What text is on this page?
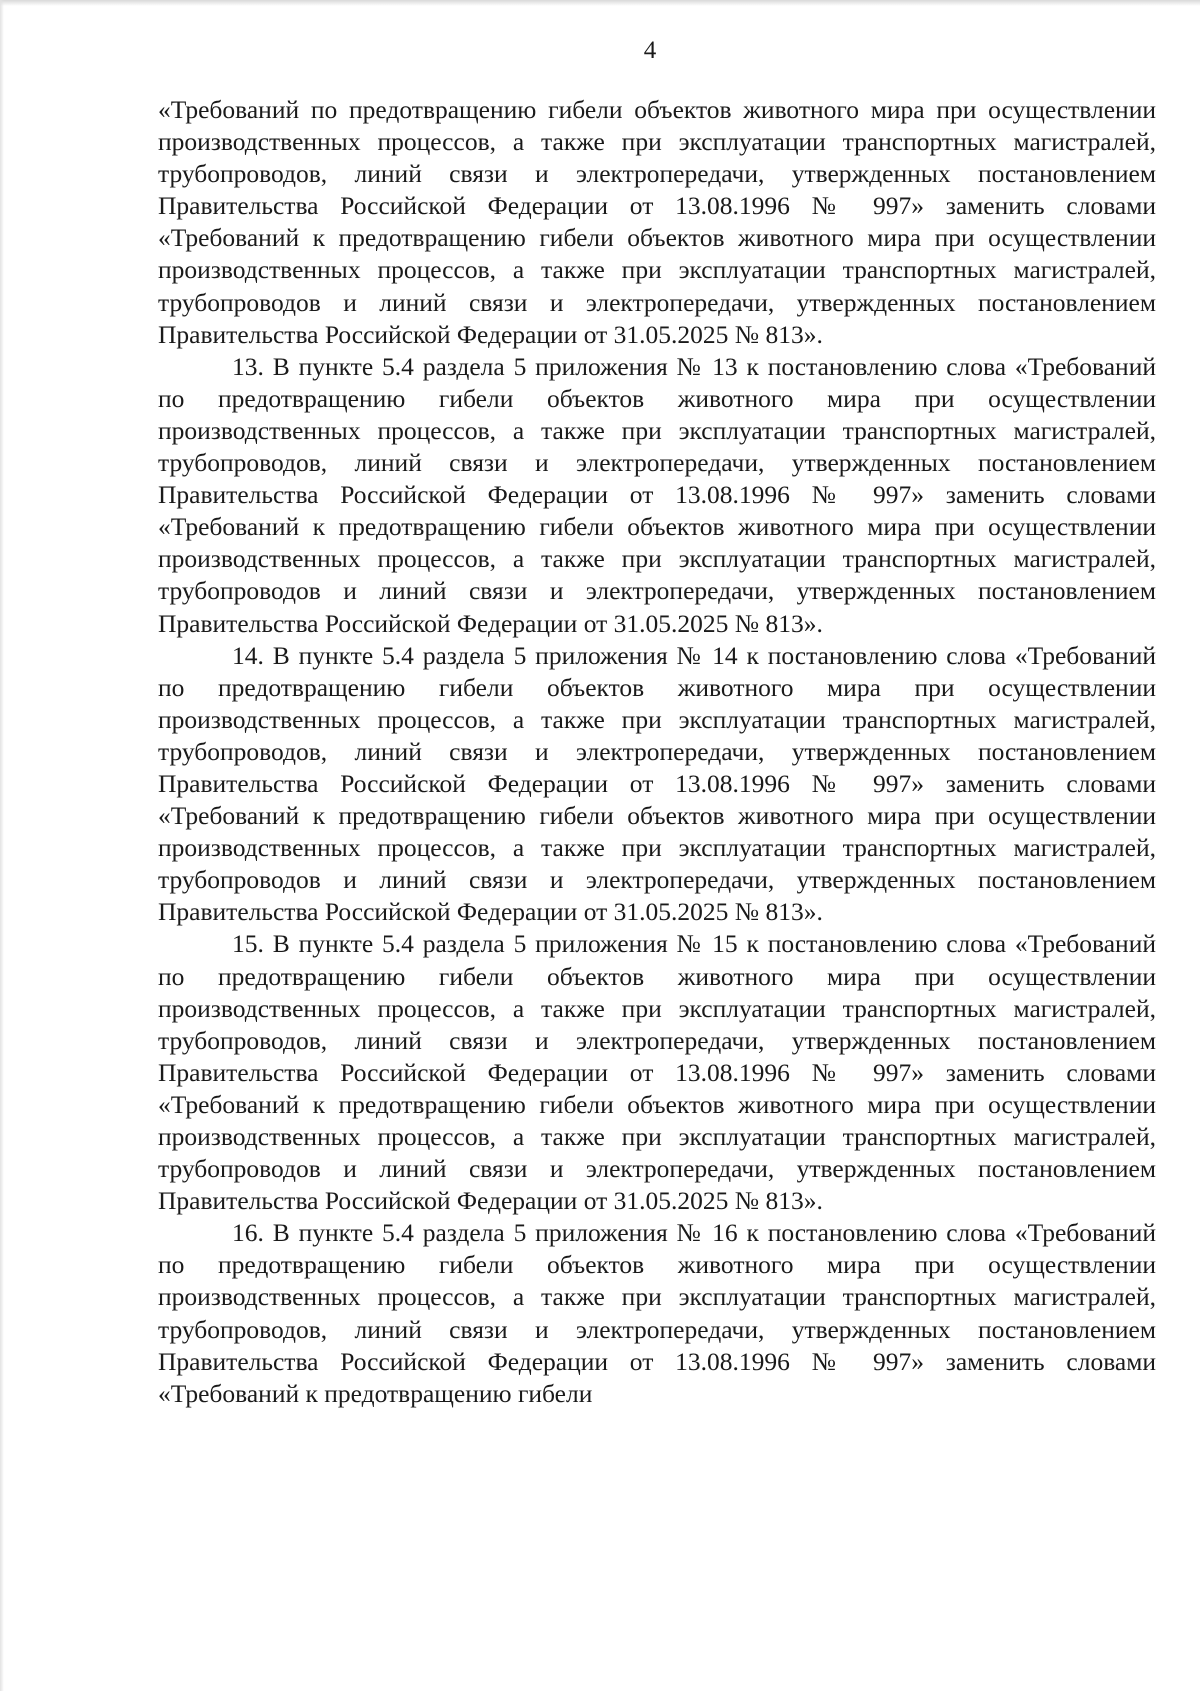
4

«Требований по предотвращению гибели объектов животного мира при осуществлении производственных процессов, а также при эксплуатации транспортных магистралей, трубопроводов, линий связи и электропередачи, утвержденных постановлением Правительства Российской Федерации от 13.08.1996 № 997» заменить словами «Требований к предотвращению гибели объектов животного мира при осуществлении производственных процессов, а также при эксплуатации транспортных магистралей, трубопроводов и линий связи и электропередачи, утвержденных постановлением Правительства Российской Федерации от 31.05.2025 № 813».

13. В пункте 5.4 раздела 5 приложения № 13 к постановлению слова «Требований по предотвращению гибели объектов животного мира при осуществлении производственных процессов, а также при эксплуатации транспортных магистралей, трубопроводов, линий связи и электропередачи, утвержденных постановлением Правительства Российской Федерации от 13.08.1996 № 997» заменить словами «Требований к предотвращению гибели объектов животного мира при осуществлении производственных процессов, а также при эксплуатации транспортных магистралей, трубопроводов и линий связи и электропередачи, утвержденных постановлением Правительства Российской Федерации от 31.05.2025 № 813».

14. В пункте 5.4 раздела 5 приложения № 14 к постановлению слова «Требований по предотвращению гибели объектов животного мира при осуществлении производственных процессов, а также при эксплуатации транспортных магистралей, трубопроводов, линий связи и электропередачи, утвержденных постановлением Правительства Российской Федерации от 13.08.1996 № 997» заменить словами «Требований к предотвращению гибели объектов животного мира при осуществлении производственных процессов, а также при эксплуатации транспортных магистралей, трубопроводов и линий связи и электропередачи, утвержденных постановлением Правительства Российской Федерации от 31.05.2025 № 813».

15. В пункте 5.4 раздела 5 приложения № 15 к постановлению слова «Требований по предотвращению гибели объектов животного мира при осуществлении производственных процессов, а также при эксплуатации транспортных магистралей, трубопроводов, линий связи и электропередачи, утвержденных постановлением Правительства Российской Федерации от 13.08.1996 № 997» заменить словами «Требований к предотвращению гибели объектов животного мира при осуществлении производственных процессов, а также при эксплуатации транспортных магистралей, трубопроводов и линий связи и электропередачи, утвержденных постановлением Правительства Российской Федерации от 31.05.2025 № 813».

16. В пункте 5.4 раздела 5 приложения № 16 к постановлению слова «Требований по предотвращению гибели объектов животного мира при осуществлении производственных процессов, а также при эксплуатации транспортных магистралей, трубопроводов, линий связи и электропередачи, утвержденных постановлением Правительства Российской Федерации от 13.08.1996 № 997» заменить словами «Требований к предотвращению гибели
